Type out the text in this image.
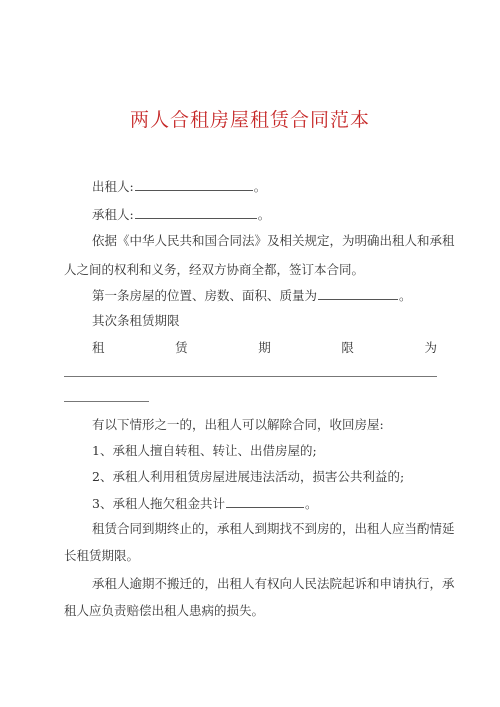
两人合租房屋租赁合同范本
出租人:	。
承租人:	。
依据《中华人民共和国合同法》及相关规定，为明确出租人和承租
人之间的权利和义务，经双方协商全都，签订本合同。
第一条房屋的位置、房数、面积、质量为	。
其次条租赁期限
租	赁	期	限	为
有以下情形之一的，出租人可以解除合同，收回房屋:
1、承租人擅自转租、转让、出借房屋的;
2、承租人利用租赁房屋进展违法活动，损害公共利益的;
3、承租人拖欠租金共计	。
租赁合同到期终止的，承租人到期找不到房的，出租人应当酌情延
长租赁期限。
承租人逾期不搬迁的，出租人有权向人民法院起诉和申请执行，承
租人应负责赔偿出租人患病的损失。
